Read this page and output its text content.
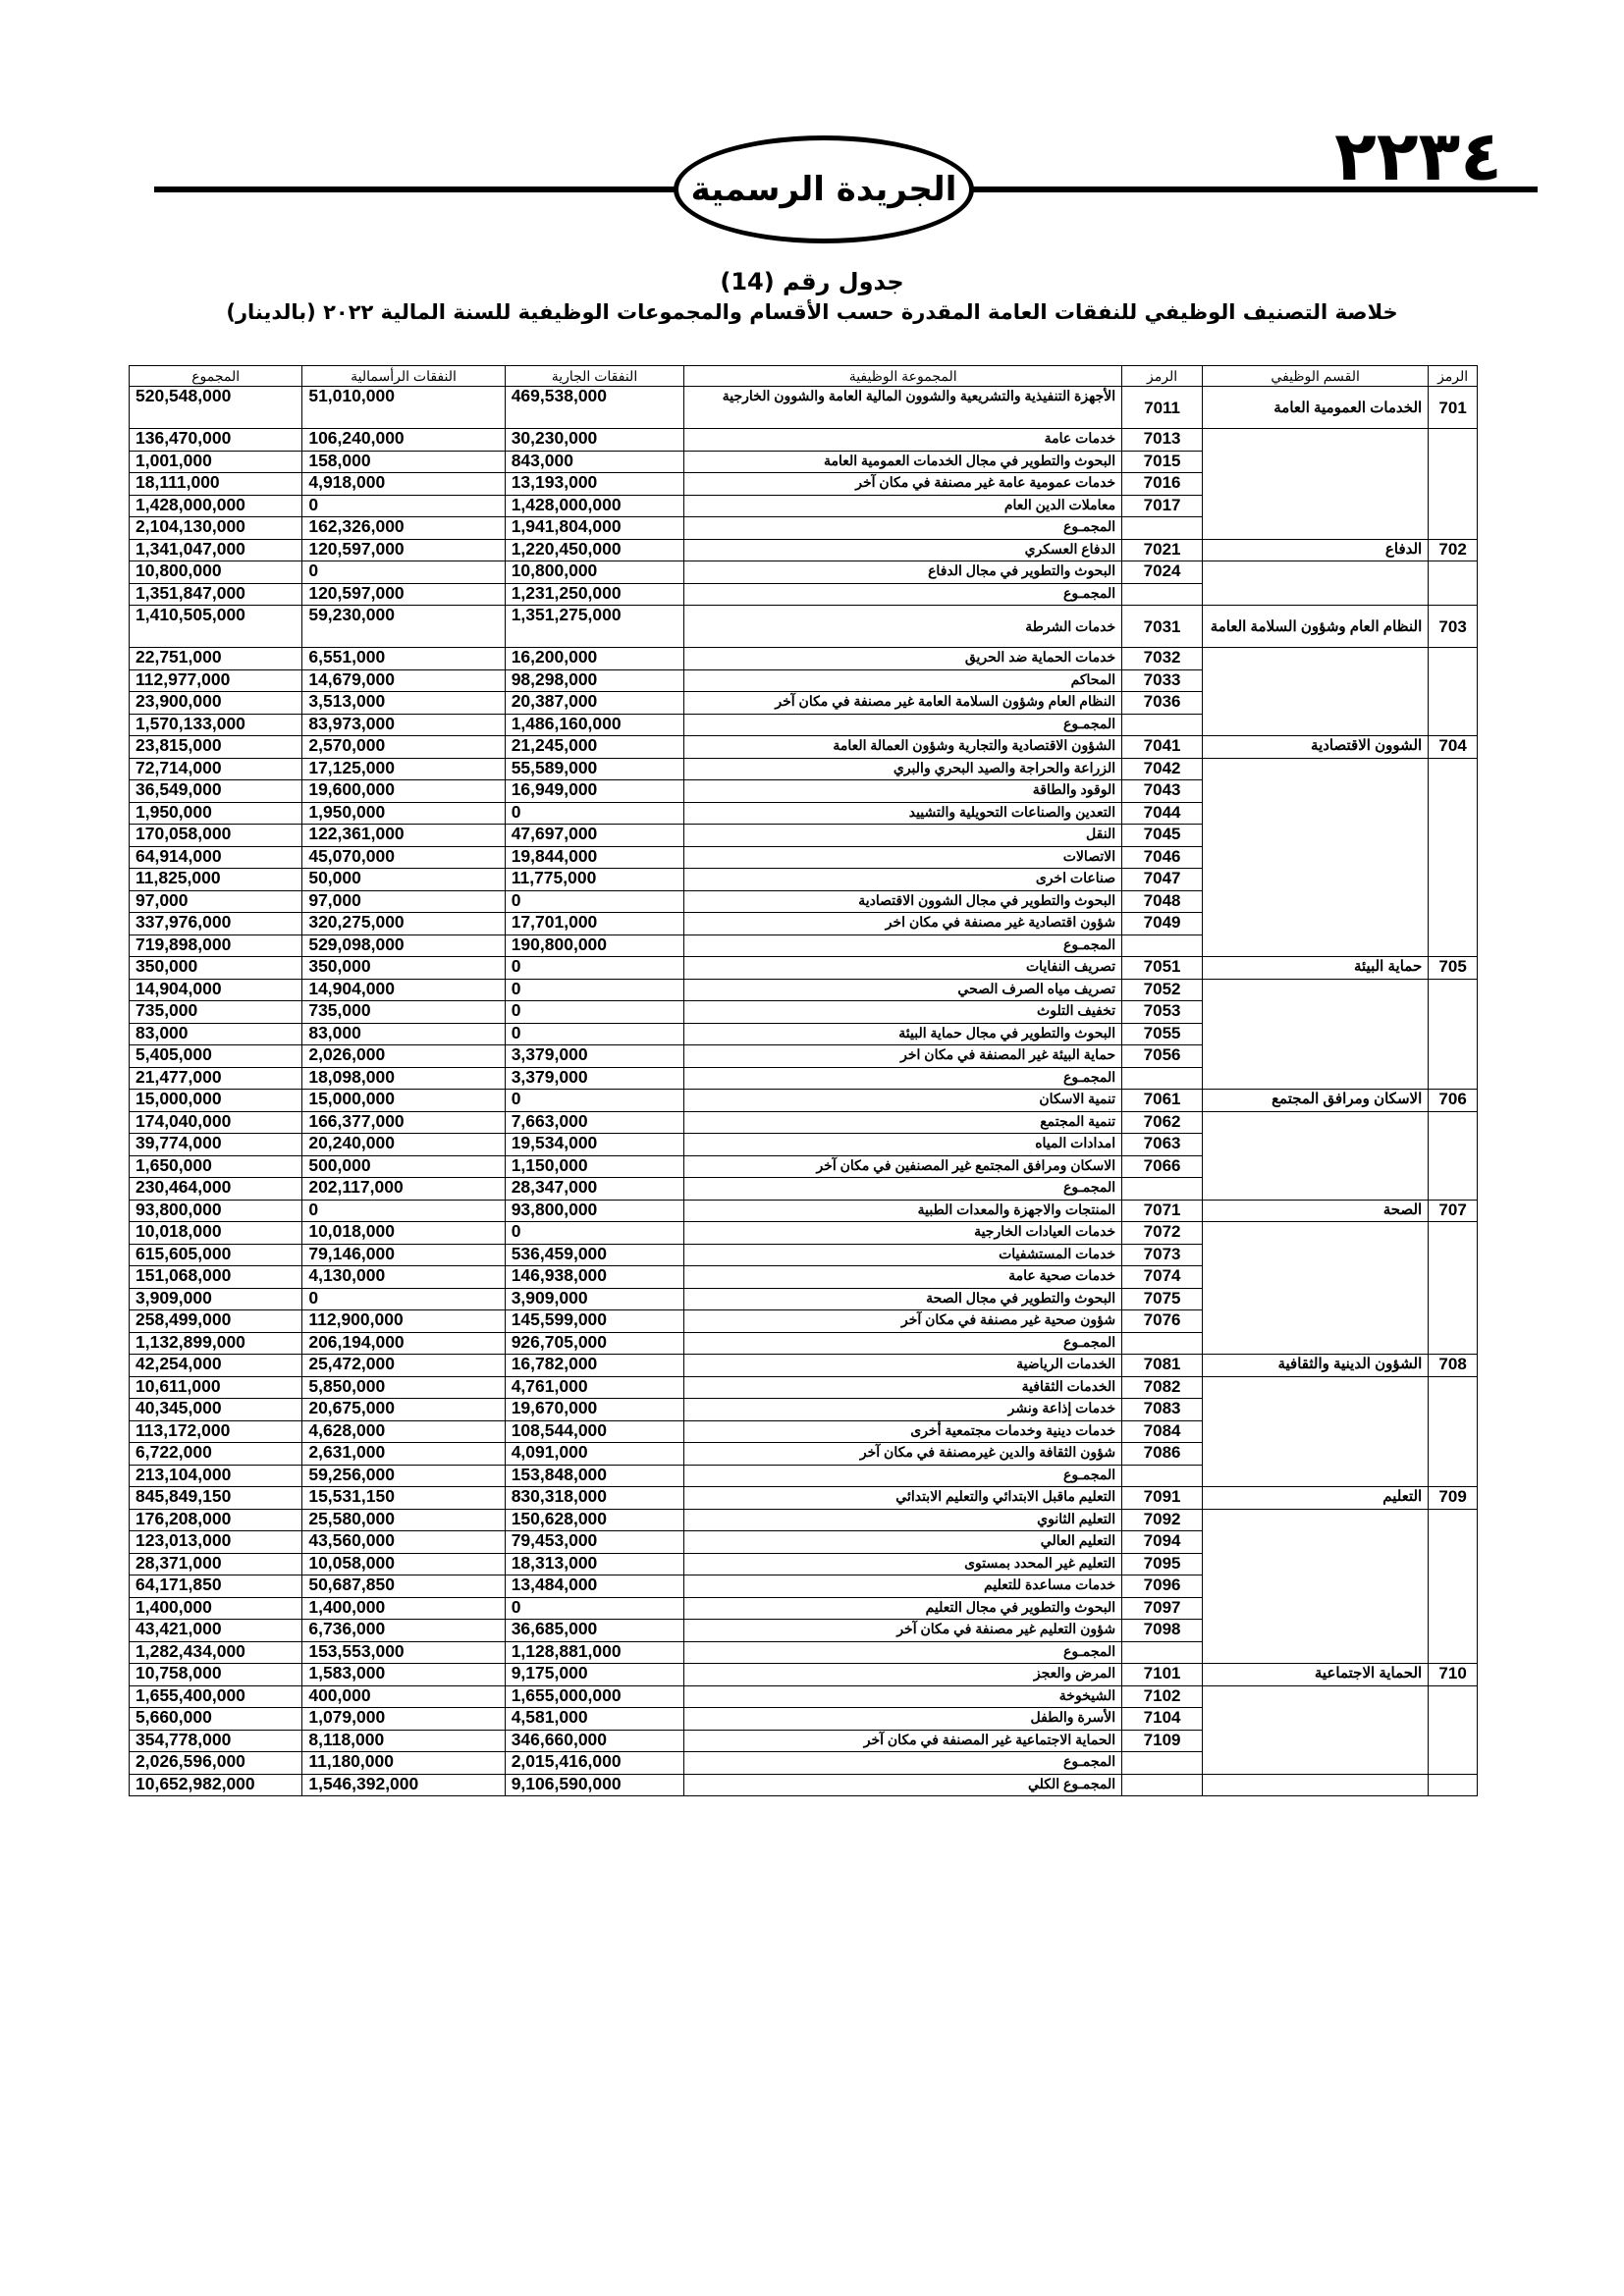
الجريدة الرسمية	٢٢٣٤
جدول رقم (14)
خلاصة التصنيف الوظيفي للنفقات العامة المقدرة حسب الأقسام والمجموعات الوظيفية للسنة المالية ٢٠٢٢ (بالدينار)
الرمز	القسم الوظيفي	الرمز	المجموعة الوظيفية	النفقات الجارية	النفقات الرأسمالية	المجموع
701	الخدمات العمومية العامة	7011	الأجهزة التنفيذية والتشريعية والشوون المالية العامة والشوون الخارجية	469,538,000	51,010,000	520,548,000
		7013	خدمات عامة	30,230,000	106,240,000	136,470,000
		7015	البحوث والتطوير في مجال الخدمات العمومية العامة	843,000	158,000	1,001,000
		7016	خدمات عمومية عامة غير مصنفة في مكان آخر	13,193,000	4,918,000	18,111,000
		7017	معاملات الدين العام	1,428,000,000	0	1,428,000,000
			المجمـوع	1,941,804,000	162,326,000	2,104,130,000
702	الدفاع	7021	الدفاع العسكري	1,220,450,000	120,597,000	1,341,047,000
		7024	البحوث والتطوير في مجال الدفاع	10,800,000	0	10,800,000
			المجمـوع	1,231,250,000	120,597,000	1,351,847,000
703	النظام العام وشؤون السلامة العامة	7031	خدمات الشرطة	1,351,275,000	59,230,000	1,410,505,000
		7032	خدمات الحماية ضد الحريق	16,200,000	6,551,000	22,751,000
		7033	المحاكم	98,298,000	14,679,000	112,977,000
		7036	النظام العام وشؤون السلامة العامة غير مصنفة في مكان آخر	20,387,000	3,513,000	23,900,000
			المجمـوع	1,486,160,000	83,973,000	1,570,133,000
704	الشوون الاقتصادية	7041	الشؤون الاقتصادية والتجارية وشؤون العمالة العامة	21,245,000	2,570,000	23,815,000
		7042	الزراعة والحراجة والصيد البحري والبري	55,589,000	17,125,000	72,714,000
		7043	الوقود والطاقة	16,949,000	19,600,000	36,549,000
		7044	التعدين والصناعات التحويلية والتشييد	0	1,950,000	1,950,000
		7045	النقل	47,697,000	122,361,000	170,058,000
		7046	الاتصالات	19,844,000	45,070,000	64,914,000
		7047	صناعات اخرى	11,775,000	50,000	11,825,000
		7048	البحوث والتطوير في مجال الشوون الاقتصادية	0	97,000	97,000
		7049	شؤون اقتصادية غير مصنفة في مكان اخر	17,701,000	320,275,000	337,976,000
			المجمـوع	190,800,000	529,098,000	719,898,000
705	حماية البيئة	7051	تصريف النفايات	0	350,000	350,000
		7052	تصريف مياه الصرف الصحي	0	14,904,000	14,904,000
		7053	تخفيف التلوث	0	735,000	735,000
		7055	البحوث والتطوير في مجال حماية البيئة	0	83,000	83,000
		7056	حماية البيئة غير المصنفة في مكان اخر	3,379,000	2,026,000	5,405,000
			المجمـوع	3,379,000	18,098,000	21,477,000
706	الاسكان ومرافق المجتمع	7061	تنمية الاسكان	0	15,000,000	15,000,000
		7062	تنمية المجتمع	7,663,000	166,377,000	174,040,000
		7063	امدادات المياه	19,534,000	20,240,000	39,774,000
		7066	الاسكان ومرافق المجتمع غير المصنفين في مكان آخر	1,150,000	500,000	1,650,000
			المجمـوع	28,347,000	202,117,000	230,464,000
707	الصحة	7071	المنتجات والاجهزة والمعدات الطبية	93,800,000	0	93,800,000
		7072	خدمات العيادات الخارجية	0	10,018,000	10,018,000
		7073	خدمات المستشفيات	536,459,000	79,146,000	615,605,000
		7074	خدمات صحية عامة	146,938,000	4,130,000	151,068,000
		7075	البحوث والتطوير في مجال الصحة	3,909,000	0	3,909,000
		7076	شؤون صحية غير مصنفة في مكان آخر	145,599,000	112,900,000	258,499,000
			المجمـوع	926,705,000	206,194,000	1,132,899,000
708	الشؤون الدينية والثقافية	7081	الخدمات الرياضية	16,782,000	25,472,000	42,254,000
		7082	الخدمات الثقافية	4,761,000	5,850,000	10,611,000
		7083	خدمات إذاعة ونشر	19,670,000	20,675,000	40,345,000
		7084	خدمات دينية وخدمات مجتمعية أخرى	108,544,000	4,628,000	113,172,000
		7086	شؤون الثقافة والدين غيرمصنفة في مكان آخر	4,091,000	2,631,000	6,722,000
			المجمـوع	153,848,000	59,256,000	213,104,000
709	التعليم	7091	التعليم ماقبل الابتدائي والتعليم الابتدائي	830,318,000	15,531,150	845,849,150
		7092	التعليم الثانوي	150,628,000	25,580,000	176,208,000
		7094	التعليم العالي	79,453,000	43,560,000	123,013,000
		7095	التعليم غير المحدد بمستوى	18,313,000	10,058,000	28,371,000
		7096	خدمات مساعدة للتعليم	13,484,000	50,687,850	64,171,850
		7097	البحوث والتطوير في مجال التعليم	0	1,400,000	1,400,000
		7098	شؤون التعليم غير مصنفة في مكان آخر	36,685,000	6,736,000	43,421,000
			المجمـوع	1,128,881,000	153,553,000	1,282,434,000
710	الحماية الاجتماعية	7101	المرض والعجز	9,175,000	1,583,000	10,758,000
		7102	الشيخوخة	1,655,000,000	400,000	1,655,400,000
		7104	الأسرة والطفل	4,581,000	1,079,000	5,660,000
		7109	الحماية الاجتماعية غير المصنفة في مكان آخر	346,660,000	8,118,000	354,778,000
			المجمـوع	2,015,416,000	11,180,000	2,026,596,000
			المجمـوع الكلي	9,106,590,000	1,546,392,000	10,652,982,000
